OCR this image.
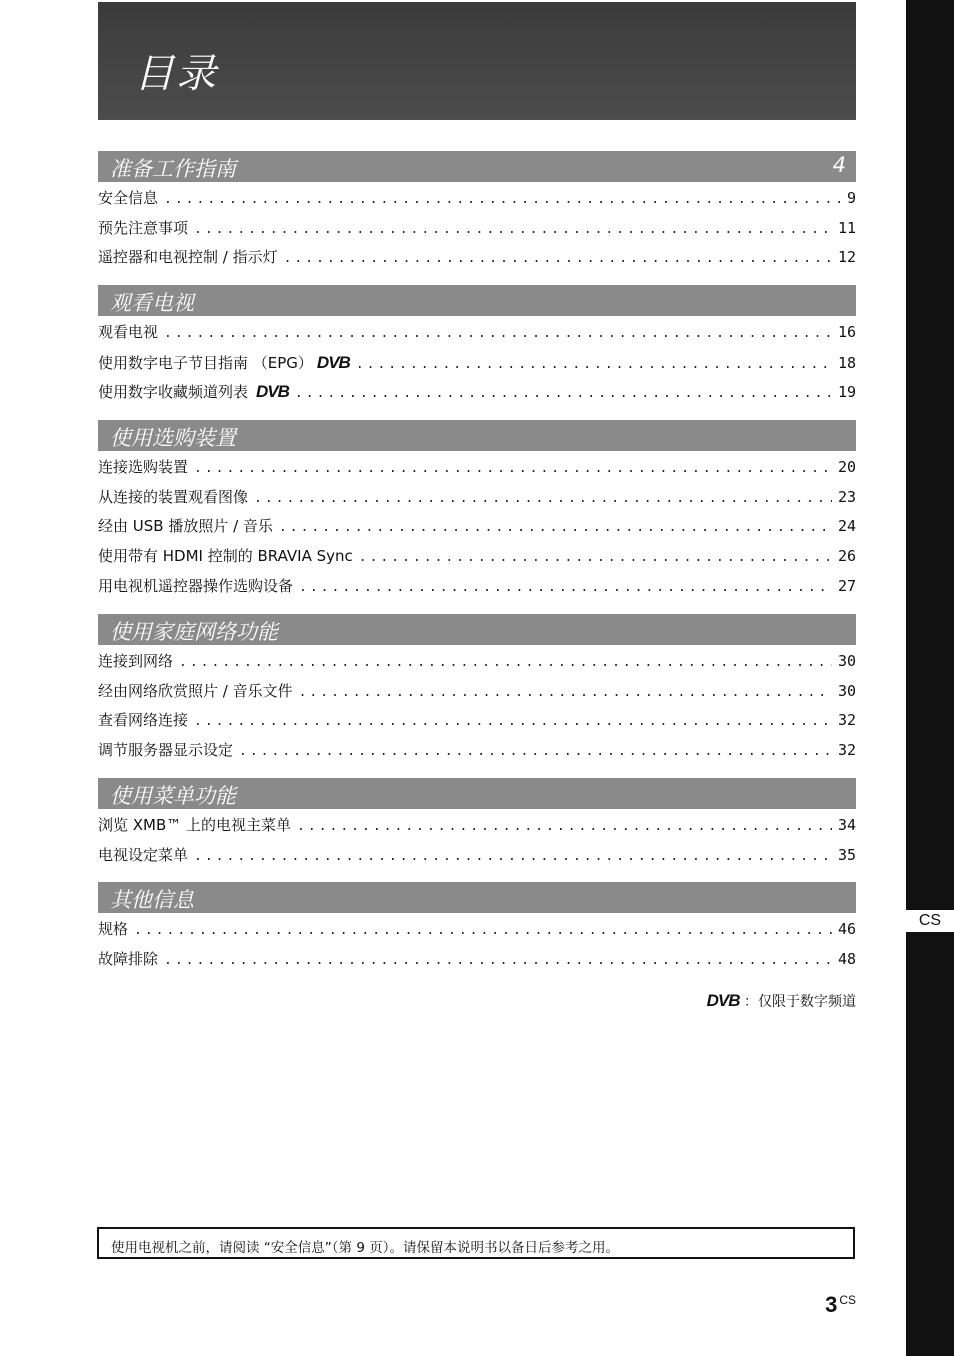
目录
CS
准备工作指南	4
安全信息 .....	9
预先注意事项 .....	11
遥控器和电视控制 / 指示灯 .....	12
观看电视
观看电视 .....	16
使用数字电子节目指南 （EPG） DVB .....	18
使用数字收藏频道列表 DVB .....	19
使用选购装置
连接选购装置 .....	20
从连接的装置观看图像 .....	23
经由 USB 播放照片 / 音乐 .....	24
使用带有 HDMI 控制的 BRAVIA Sync .....	26
用电视机遥控器操作选购设备 .....	27
使用家庭网络功能
连接到网络 .....	30
经由网络欣赏照片 / 音乐文件 .....	30
查看网络连接 .....	32
调节服务器显示设定 .....	32
使用菜单功能
浏览 XMB™ 上的电视主菜单 .....	34
电视设定菜单 .....	35
其他信息
规格 .....	46
故障排除 .....	48
DVB ：仅限于数字频道
使用电视机之前，请阅读 “安全信息”（第 9 页）。请保留本说明书以备日后参考之用。
3 $^{CS}$
